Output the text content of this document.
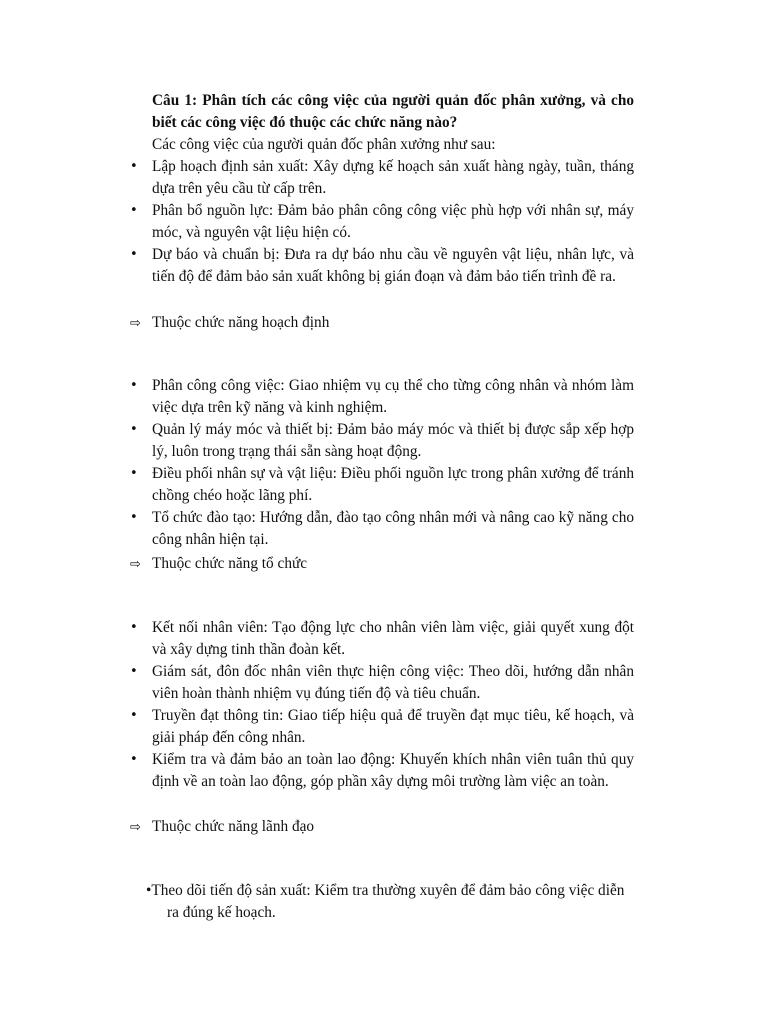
Câu 1: Phân tích các công việc của người quản đốc phân xưởng, và cho biết các công việc đó thuộc các chức năng nào?
Các công việc của người quản đốc phân xưởng như sau:
• Lập hoạch định sản xuất: Xây dựng kế hoạch sản xuất hàng ngày, tuần, tháng dựa trên yêu cầu từ cấp trên.
• Phân bổ nguồn lực: Đảm bảo phân công công việc phù hợp với nhân sự, máy móc, và nguyên vật liệu hiện có.
• Dự báo và chuẩn bị: Đưa ra dự báo nhu cầu về nguyên vật liệu, nhân lực, và tiến độ để đảm bảo sản xuất không bị gián đoạn và đảm bảo tiến trình đề ra.
⇨ Thuộc chức năng hoạch định
• Phân công công việc: Giao nhiệm vụ cụ thể cho từng công nhân và nhóm làm việc dựa trên kỹ năng và kinh nghiệm.
• Quản lý máy móc và thiết bị: Đảm bảo máy móc và thiết bị được sắp xếp hợp lý, luôn trong trạng thái sẵn sàng hoạt động.
• Điều phối nhân sự và vật liệu: Điều phối nguồn lực trong phân xưởng để tránh chồng chéo hoặc lãng phí.
• Tổ chức đào tạo: Hướng dẫn, đào tạo công nhân mới và nâng cao kỹ năng cho công nhân hiện tại.
⇨ Thuộc chức năng tổ chức
• Kết nối nhân viên: Tạo động lực cho nhân viên làm việc, giải quyết xung đột và xây dựng tinh thần đoàn kết.
• Giám sát, đôn đốc nhân viên thực hiện công việc: Theo dõi, hướng dẫn nhân viên hoàn thành nhiệm vụ đúng tiến độ và tiêu chuẩn.
• Truyền đạt thông tin: Giao tiếp hiệu quả để truyền đạt mục tiêu, kế hoạch, và giải pháp đến công nhân.
• Kiểm tra và đảm bảo an toàn lao động: Khuyến khích nhân viên tuân thủ quy định về an toàn lao động, góp phần xây dựng môi trường làm việc an toàn.
⇨ Thuộc chức năng lãnh đạo
•Theo dõi tiến độ sản xuất: Kiểm tra thường xuyên để đảm bảo công việc diễn
ra đúng kế hoạch.
